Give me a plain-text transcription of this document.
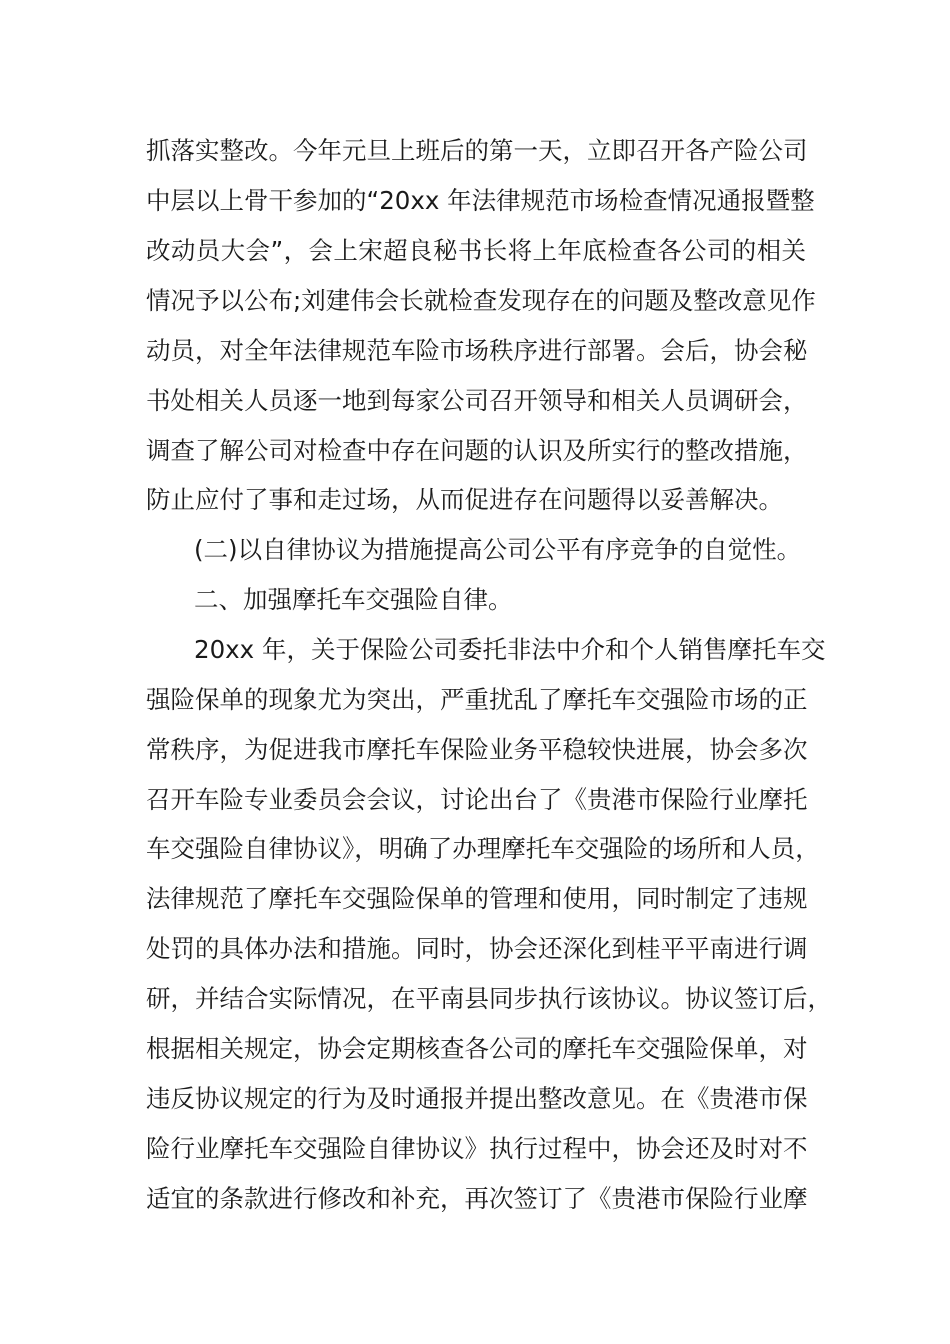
抓落实整改。今年元旦上班后的第一天，立即召开各产险公司
中层以上骨干参加的“20xx 年法律规范市场检查情况通报暨整
改动员大会”，会上宋超良秘书长将上年底检查各公司的相关
情况予以公布;刘建伟会长就检查发现存在的问题及整改意见作
动员，对全年法律规范车险市场秩序进行部署。会后，协会秘
书处相关人员逐一地到每家公司召开领导和相关人员调研会，
调查了解公司对检查中存在问题的认识及所实行的整改措施，
防止应付了事和走过场，从而促进存在问题得以妥善解决。
(二)以自律协议为措施提高公司公平有序竞争的自觉性。
二、加强摩托车交强险自律。
20xx 年，关于保险公司委托非法中介和个人销售摩托车交
强险保单的现象尤为突出，严重扰乱了摩托车交强险市场的正
常秩序，为促进我市摩托车保险业务平稳较快进展，协会多次
召开车险专业委员会会议，讨论出台了《贵港市保险行业摩托
车交强险自律协议》，明确了办理摩托车交强险的场所和人员，
法律规范了摩托车交强险保单的管理和使用，同时制定了违规
处罚的具体办法和措施。同时，协会还深化到桂平平南进行调
研，并结合实际情况，在平南县同步执行该协议。协议签订后，
根据相关规定，协会定期核查各公司的摩托车交强险保单，对
违反协议规定的行为及时通报并提出整改意见。在《贵港市保
险行业摩托车交强险自律协议》执行过程中，协会还及时对不
适宜的条款进行修改和补充，再次签订了《贵港市保险行业摩
